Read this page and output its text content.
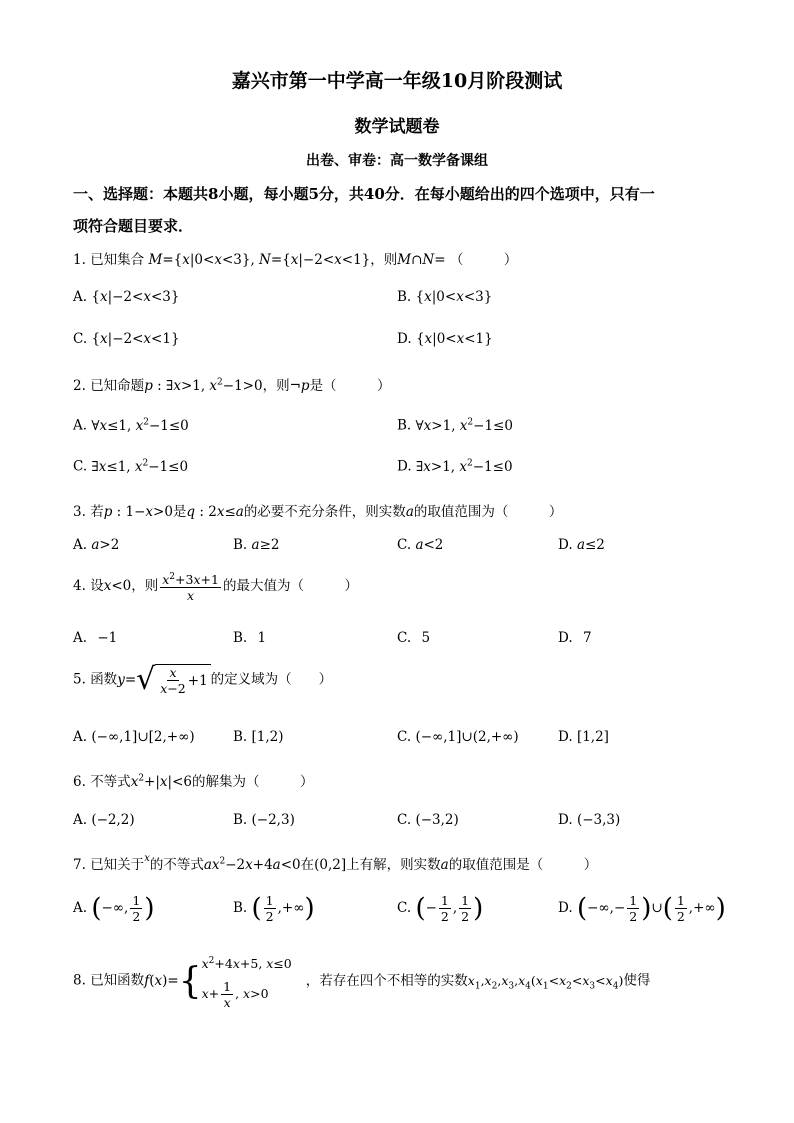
嘉兴市第一中学高一年级10月阶段测试
数学试题卷
出卷、审卷：高一数学备课组
一、选择题：本题共8小题，每小题5分，共40分．在每小题给出的四个选项中，只有一
项符合题目要求．
1. 已知集合 M={x|0<x<3}, N={x|−2<x<1}，则M∩N= （　　　）
A. {x|−2<x<3}	B. {x|0<x<3}
C. {x|−2<x<1}	D. {x|0<x<1}
2. 已知命题p : ∃x>1, $x^2-1>0$，则¬p是（　　　）
A. ∀x≤1, $x^2-1\le 0$	B. ∀x>1, $x^2-1\le 0$
C. ∃x≤1, $x^2-1\le 0$	D. ∃x>1, $x^2-1\le 0$
3. 若p : 1−x>0是q : 2x≤a的必要不充分条件，则实数a的取值范围为（　　　）
A. a>2	B. a≥2	C. a<2	D. a≤2
4. 设x<0，则 $\frac{x^2+3x+1}{x}$ 的最大值为（　　　）
A. −1	B. 1	C. 5	D. 7
5. 函数y= √ $\frac{x}{x-2} +1$ 的定义域为（　　）
A. (−∞,1]∪[2,+∞)	B. [1,2)	C. (−∞,1]∪(2,+∞)	D. [1,2]
6. 不等式$x^2+|x|<6$的解集为（　　　）
A. (−2,2)	B. (−2,3)	C. (−3,2)	D. (−3,3)
7. 已知关于$^x$的不等式$ax^2-2x+4a<0$在(0,2]上有解，则实数a的取值范围是（　　　）
A. (−∞, $\frac{1}{2}$ )	B. ( $\frac{1}{2}$ ,+∞)	C. (− $\frac{1}{2}$ , $\frac{1}{2}$ )	D. (−∞,− $\frac{1}{2}$ )∪( $\frac{1}{2}$ ,+∞)
8. 已知函数f(x)={ $x^2+4x+5$, x≤0
$x+ \frac{1}{x}$ , x>0
，若存在四个不相等的实数$x_1,x_2,x_3,x_4(x_1<x_2<x_3<x_4)$使得
